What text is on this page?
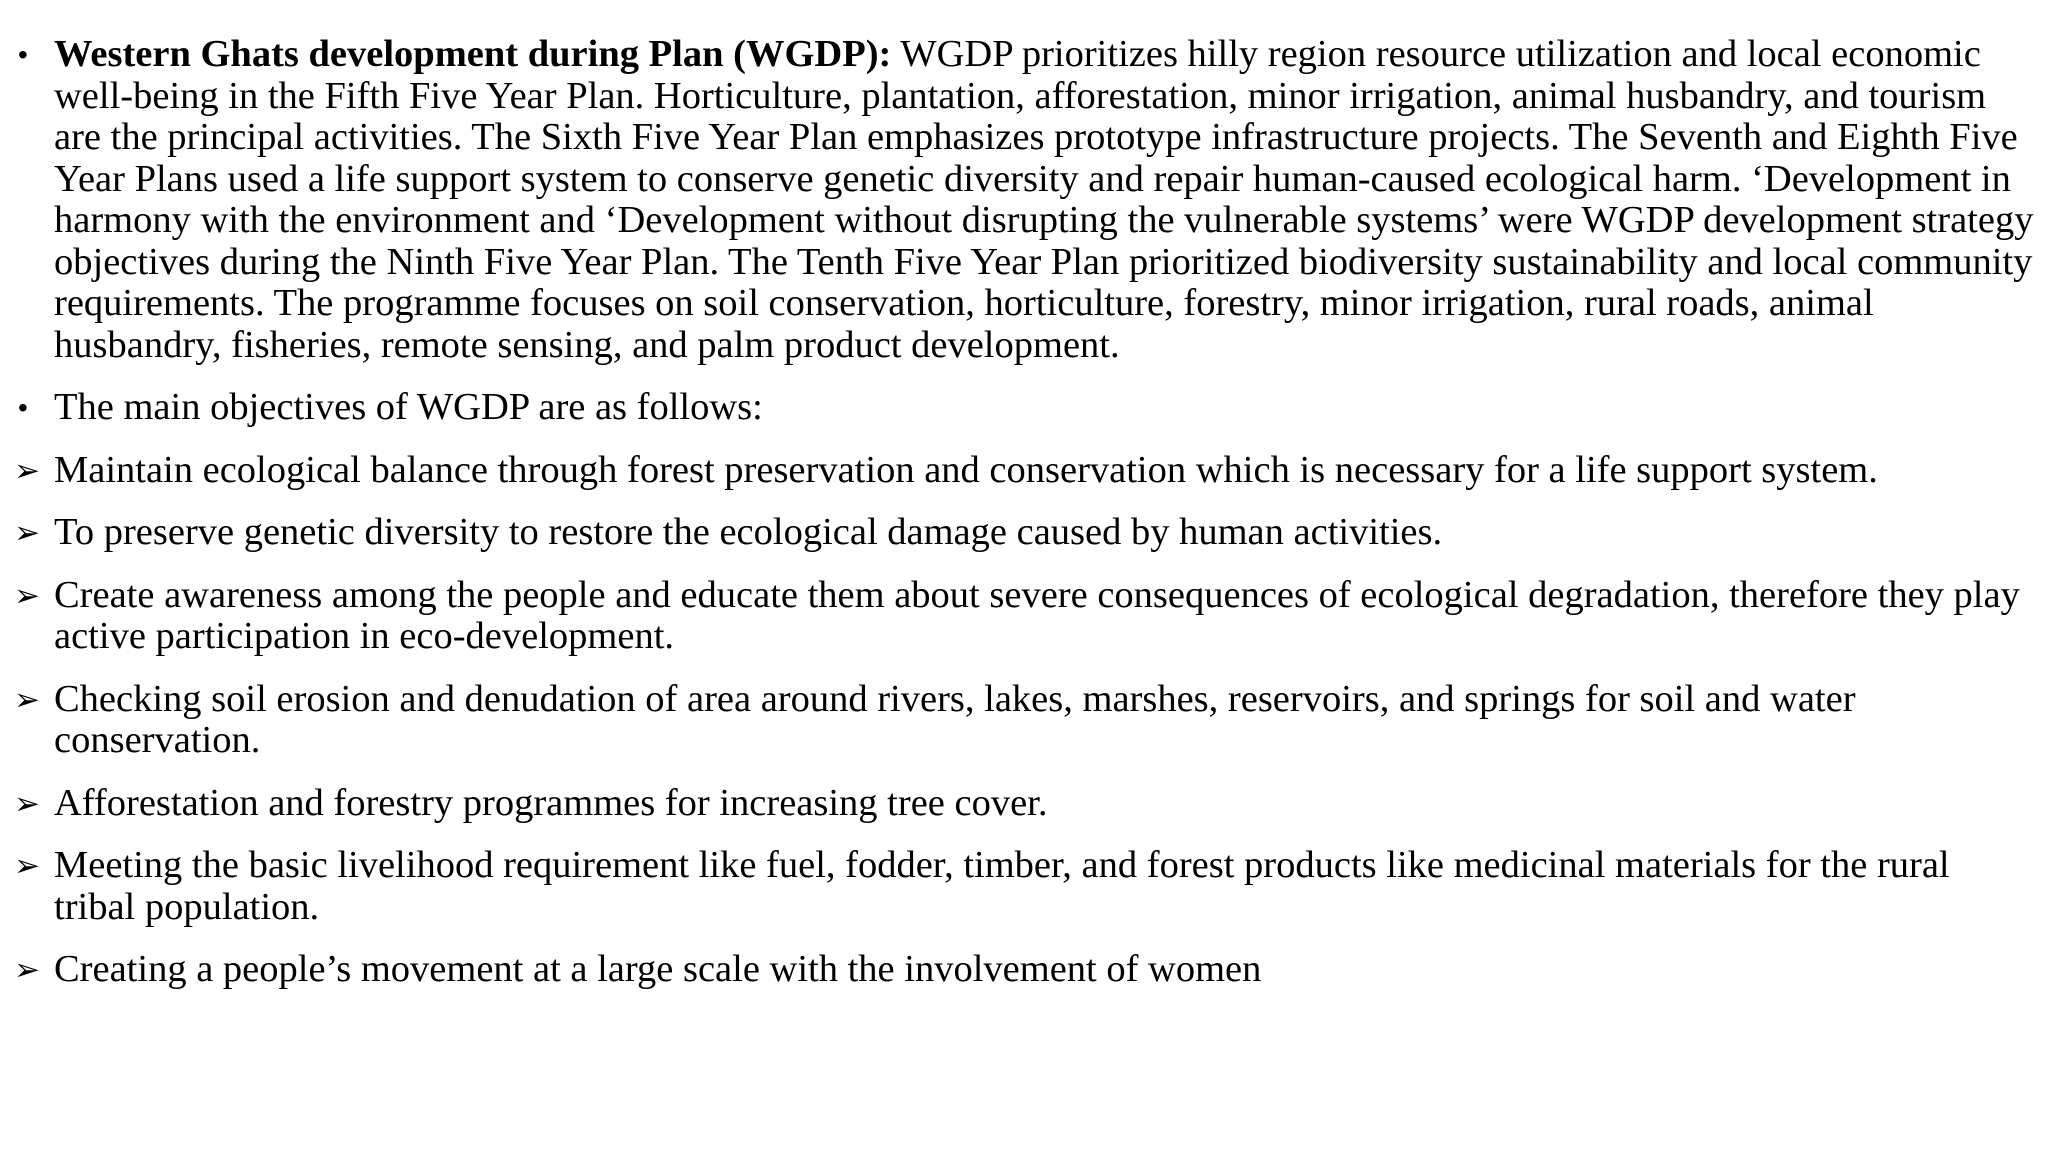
• Western Ghats development during Plan (WGDP): WGDP prioritizes hilly region resource utilization and local economic well-being in the Fifth Five Year Plan. Horticulture, plantation, afforestation, minor irrigation, animal husbandry, and tourism are the principal activities. The Sixth Five Year Plan emphasizes prototype infrastructure projects. The Seventh and Eighth Five Year Plans used a life support system to conserve genetic diversity and repair human-caused ecological harm. ‘Development in harmony with the environment and ‘Development without disrupting the vulnerable systems’ were WGDP development strategy objectives during the Ninth Five Year Plan. The Tenth Five Year Plan prioritized biodiversity sustainability and local community requirements. The programme focuses on soil conservation, horticulture, forestry, minor irrigation, rural roads, animal husbandry, fisheries, remote sensing, and palm product development.
• The main objectives of WGDP are as follows:
➢ Maintain ecological balance through forest preservation and conservation which is necessary for a life support system.
➢ To preserve genetic diversity to restore the ecological damage caused by human activities.
➢ Create awareness among the people and educate them about severe consequences of ecological degradation, therefore they play active participation in eco-development.
➢ Checking soil erosion and denudation of area around rivers, lakes, marshes, reservoirs, and springs for soil and water conservation.
➢ Afforestation and forestry programmes for increasing tree cover.
➢ Meeting the basic livelihood requirement like fuel, fodder, timber, and forest products like medicinal materials for the rural tribal population.
➢ Creating a people’s movement at a large scale with the involvement of women
